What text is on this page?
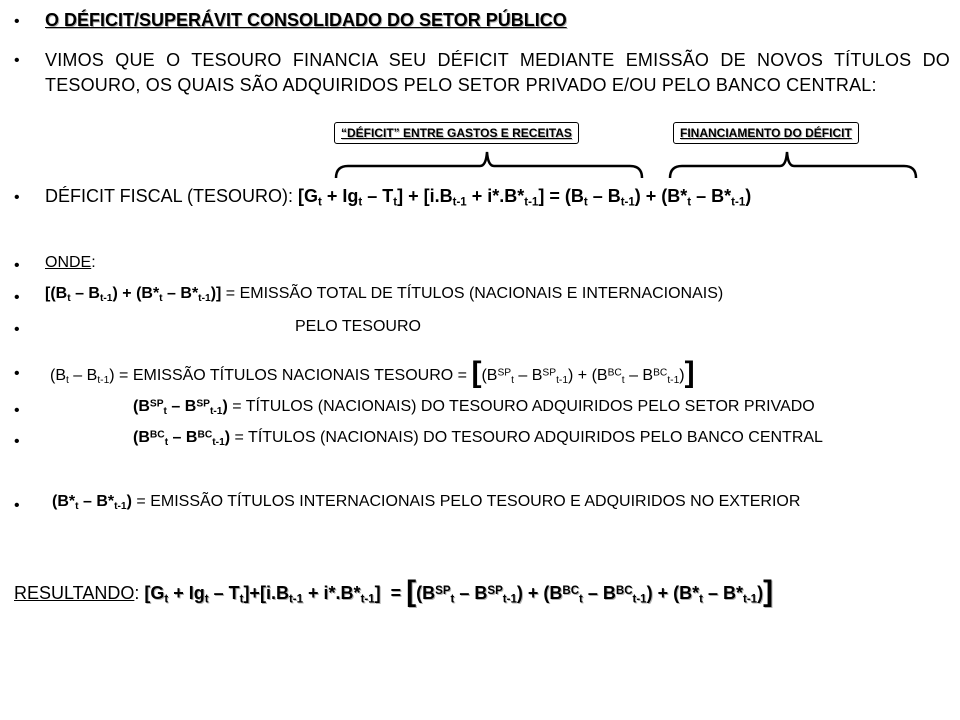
• O DÉFICIT/SUPERÁVIT CONSOLIDADO DO SETOR PÚBLICO
• VIMOS QUE O TESOURO FINANCIA SEU DÉFICIT MEDIANTE EMISSÃO DE NOVOS TÍTULOS DO TESOURO, OS QUAIS SÃO ADQUIRIDOS PELO SETOR PRIVADO E/OU PELO BANCO CENTRAL:
“DÉFICIT” ENTRE GASTOS E RECEITAS	FINANCIAMENTO DO DÉFICIT
• DÉFICIT FISCAL (TESOURO): $[G_t + Ig_t - T_t] + [i.B_{t-1} + i*.B*_{t-1}] = (B_t - B_{t-1}) + (B*_t - B*_{t-1})$
• ONDE:
• $[(B_t - B_{t-1}) + (B*_t - B*_{t-1})]$ = EMISSÃO TOTAL DE TÍTULOS (NACIONAIS E INTERNACIONAIS)
•	PELO TESOURO
• $(B_t - B_{t-1})$ = EMISSÃO TÍTULOS NACIONAIS TESOURO = $[(B^{SP}_t - B^{SP}_{t-1}) + (B^{BC}_t - B^{BC}_{t-1})]$
•	$(B^{SP}_t - B^{SP}_{t-1})$ = TÍTULOS (NACIONAIS) DO TESOURO ADQUIRIDOS PELO SETOR PRIVADO
•	$(B^{BC}_t - B^{BC}_{t-1})$ = TÍTULOS (NACIONAIS) DO TESOURO ADQUIRIDOS PELO BANCO CENTRAL
• $(B*_t - B*_{t-1})$ = EMISSÃO TÍTULOS INTERNACIONAIS PELO TESOURO E ADQUIRIDOS NO EXTERIOR
RESULTANDO: $[G_t + Ig_t - T_t]+[i.B_{t-1} + i*.B*_{t-1}] = [(B^{SP}_t - B^{SP}_{t-1}) + (B^{BC}_t - B^{BC}_{t-1}) + (B*_t - B*_{t-1})]$
